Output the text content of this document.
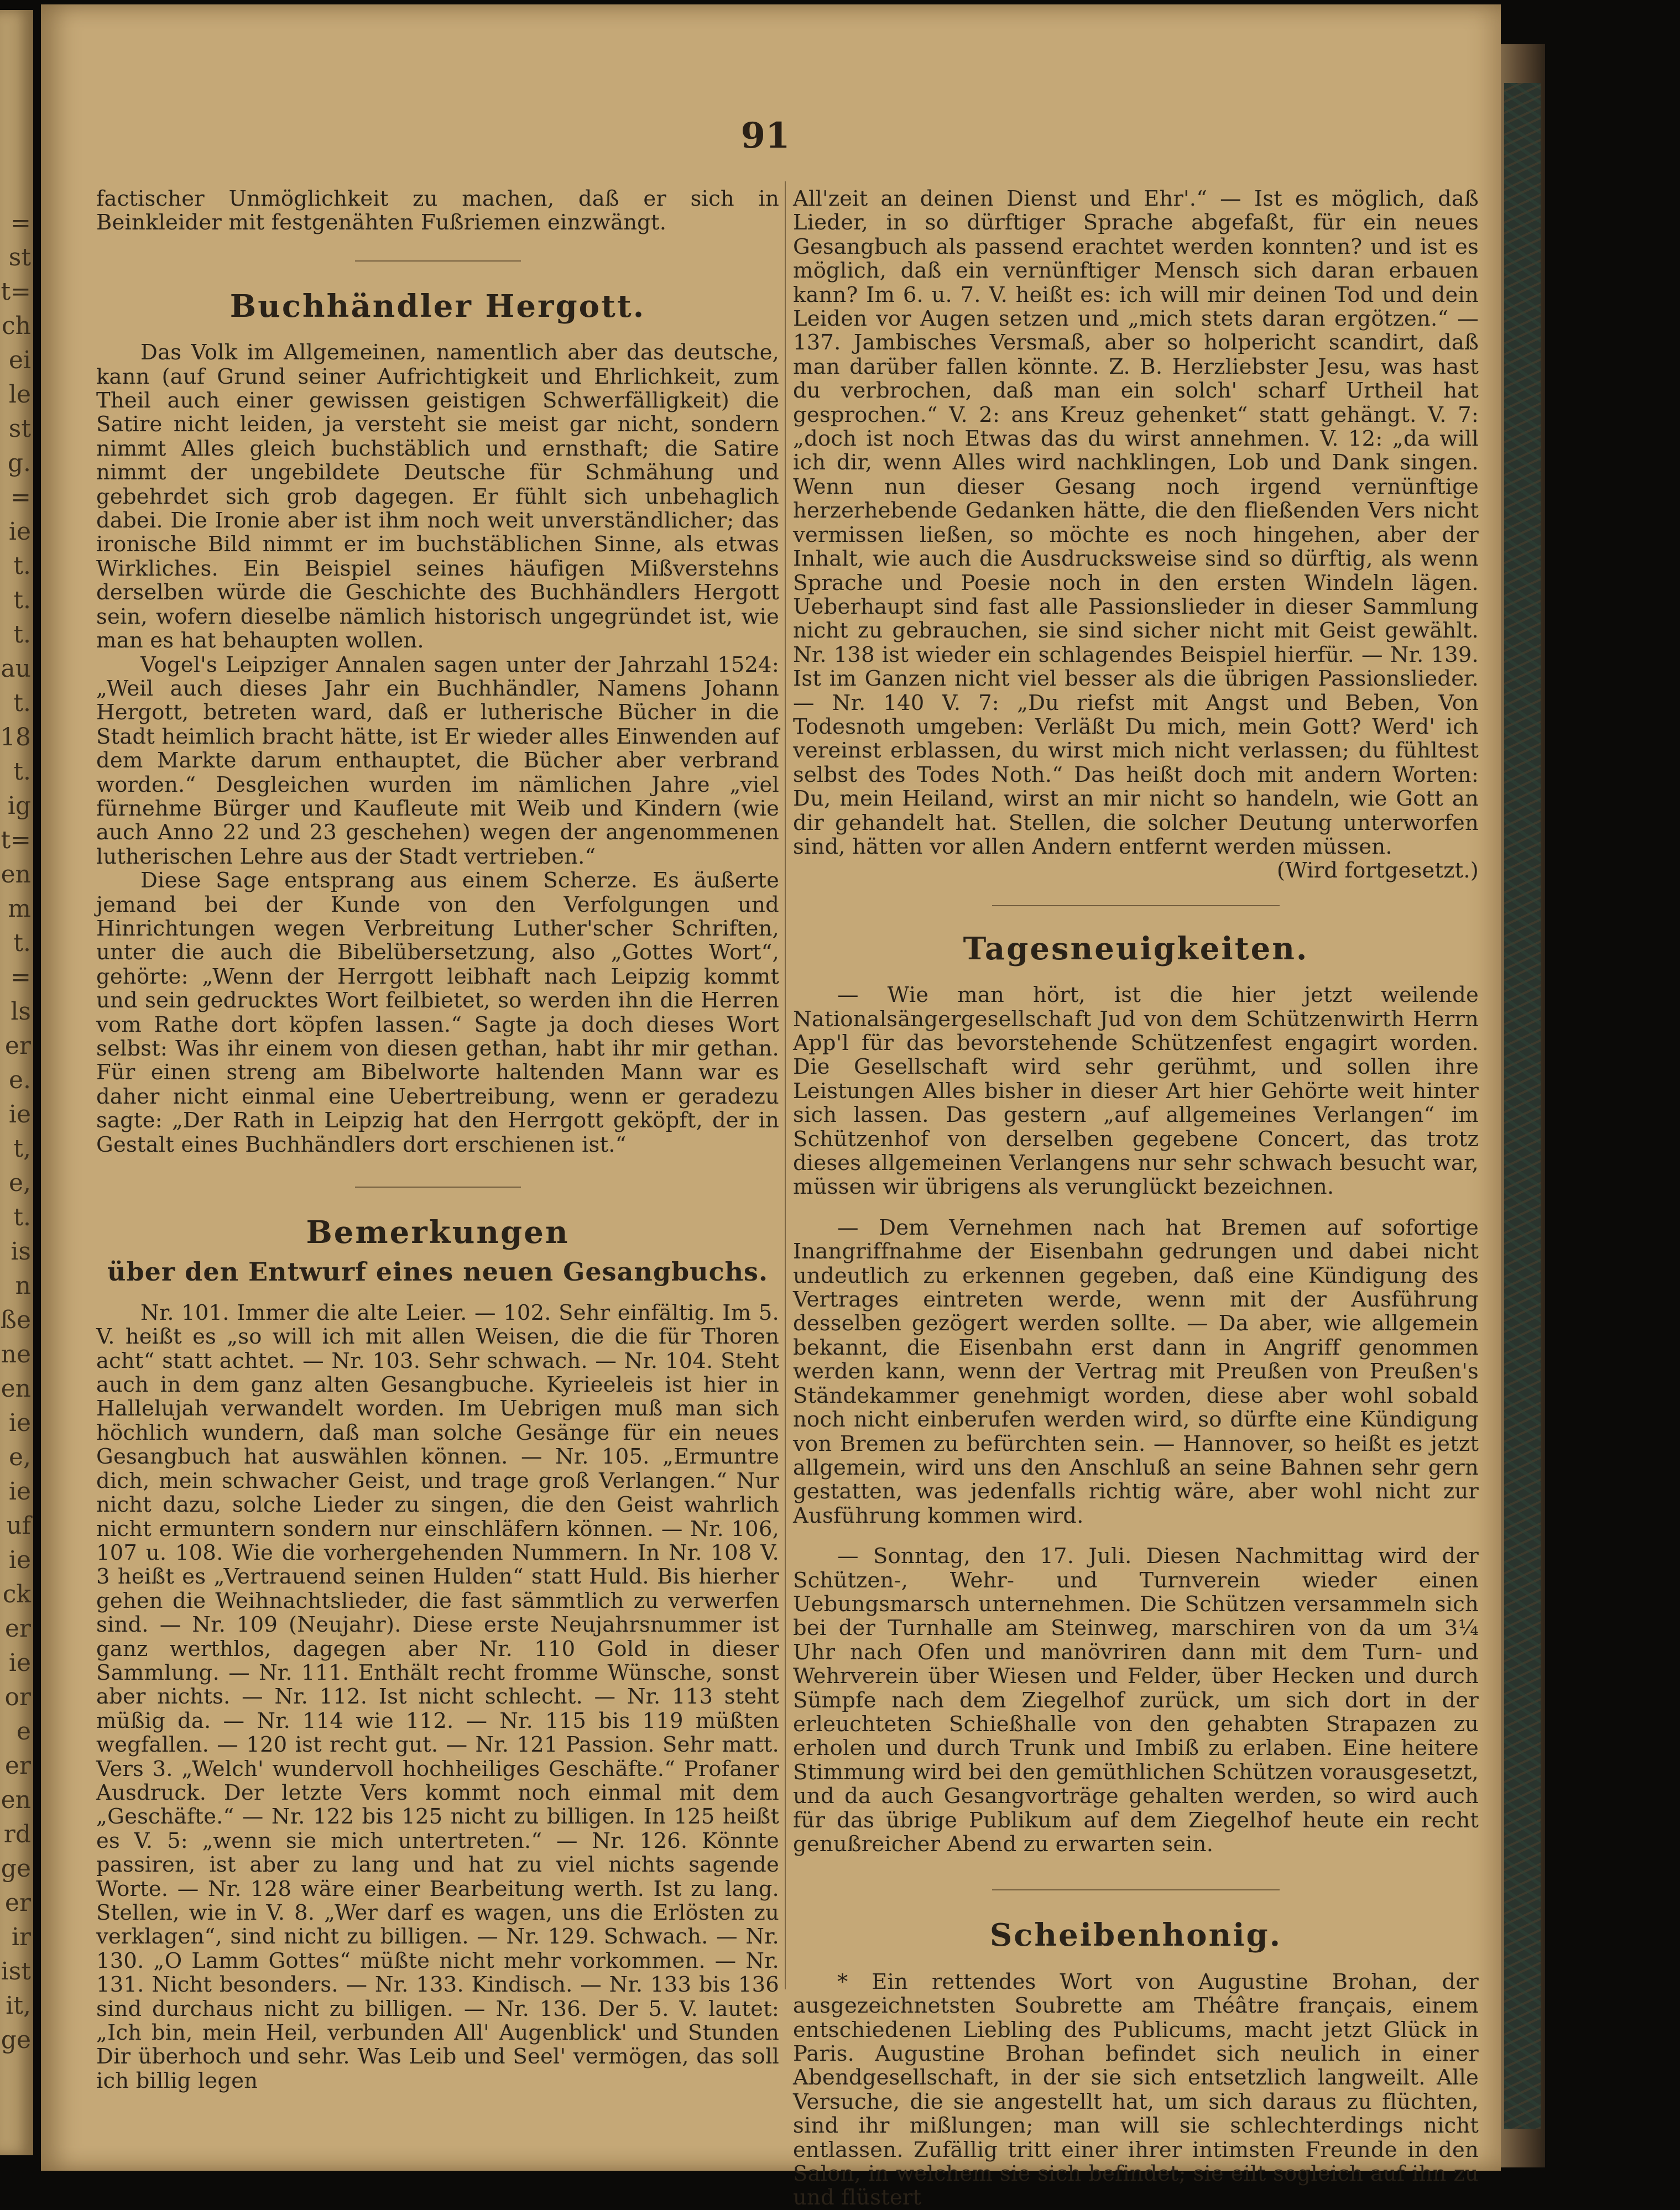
=
st
t=
ch
ei
le
st
g.
=
ie
t.
t.
t.
au
t.
18
t.
ig
t=
en
m
t.
=
ls
er
e.
ie
t,
e,
t.
is
n
ße
ne
en
ie
e,
ie
uf
ie
ck
er
ie
or
e
er
en
rd
ge
er
ir
ist
it,
ge
91

factischer Unmöglichkeit zu machen, daß er sich in Beinkleider mit festgenähten Fußriemen einzwängt.

Buchhändler Hergott.

Das Volk im Allgemeinen, namentlich aber das deutsche, kann (auf Grund seiner Aufrichtigkeit und Ehrlichkeit, zum Theil auch einer gewissen geistigen Schwerfälligkeit) die Satire nicht leiden, ja versteht sie meist gar nicht, sondern nimmt Alles gleich buchstäblich und ernsthaft; die Satire nimmt der ungebildete Deutsche für Schmähung und gebehrdet sich grob dagegen. Er fühlt sich unbehaglich dabei. Die Ironie aber ist ihm noch weit unverständlicher; das ironische Bild nimmt er im buchstäblichen Sinne, als etwas Wirkliches. Ein Beispiel seines häufigen Mißverstehns derselben würde die Geschichte des Buchhändlers Hergott sein, wofern dieselbe nämlich historisch ungegründet ist, wie man es hat behaupten wollen.

Vogel's Leipziger Annalen sagen unter der Jahrzahl 1524: „Weil auch dieses Jahr ein Buchhändler, Namens Johann Hergott, betreten ward, daß er lutherische Bücher in die Stadt heimlich bracht hätte, ist Er wieder alles Einwenden auf dem Markte darum enthauptet, die Bücher aber verbrand worden.“ Desgleichen wurden im nämlichen Jahre „viel fürnehme Bürger und Kaufleute mit Weib und Kindern (wie auch Anno 22 und 23 geschehen) wegen der angenommenen lutherischen Lehre aus der Stadt vertrieben.“

Diese Sage entsprang aus einem Scherze. Es äußerte jemand bei der Kunde von den Verfolgungen und Hinrichtungen wegen Verbreitung Luther'scher Schriften, unter die auch die Bibelübersetzung, also „Gottes Wort“, gehörte: „Wenn der Herrgott leibhaft nach Leipzig kommt und sein gedrucktes Wort feilbietet, so werden ihn die Herren vom Rathe dort köpfen lassen.“ Sagte ja doch dieses Wort selbst: Was ihr einem von diesen gethan, habt ihr mir gethan. Für einen streng am Bibelworte haltenden Mann war es daher nicht einmal eine Uebertreibung, wenn er geradezu sagte: „Der Rath in Leipzig hat den Herrgott geköpft, der in Gestalt eines Buchhändlers dort erschienen ist.“

Bemerkungen

über den Entwurf eines neuen Gesangbuchs.

Nr. 101. Immer die alte Leier. — 102. Sehr einfältig. Im 5. V. heißt es „so will ich mit allen Weisen, die die für Thoren acht“ statt achtet. — Nr. 103. Sehr schwach. — Nr. 104. Steht auch in dem ganz alten Gesangbuche. Kyrieeleis ist hier in Hallelujah verwandelt worden. Im Uebrigen muß man sich höchlich wundern, daß man solche Gesänge für ein neues Gesangbuch hat auswählen können. — Nr. 105. „Ermuntre dich, mein schwacher Geist, und trage groß Verlangen.“ Nur nicht dazu, solche Lieder zu singen, die den Geist wahrlich nicht ermuntern sondern nur einschläfern können. — Nr. 106, 107 u. 108. Wie die vorhergehenden Nummern. In Nr. 108 V. 3 heißt es „Vertrauend seinen Hulden“ statt Huld. Bis hierher gehen die Weihnachtslieder, die fast sämmtlich zu verwerfen sind. — Nr. 109 (Neujahr). Diese erste Neujahrsnummer ist ganz werthlos, dagegen aber Nr. 110 Gold in dieser Sammlung. — Nr. 111. Enthält recht fromme Wünsche, sonst aber nichts. — Nr. 112. Ist nicht schlecht. — Nr. 113 steht müßig da. — Nr. 114 wie 112. — Nr. 115 bis 119 müßten wegfallen. — 120 ist recht gut. — Nr. 121 Passion. Sehr matt. Vers 3. „Welch' wundervoll hochheiliges Geschäfte.“ Profaner Ausdruck. Der letzte Vers kommt noch einmal mit dem „Geschäfte.“ — Nr. 122 bis 125 nicht zu billigen. In 125 heißt es V. 5: „wenn sie mich untertreten.“ — Nr. 126. Könnte passiren, ist aber zu lang und hat zu viel nichts sagende Worte. — Nr. 128 wäre einer Bearbeitung werth. Ist zu lang. Stellen, wie in V. 8. „Wer darf es wagen, uns die Erlösten zu verklagen“, sind nicht zu billigen. — Nr. 129. Schwach. — Nr. 130. „O Lamm Gottes“ müßte nicht mehr vorkommen. — Nr. 131. Nicht besonders. — Nr. 133. Kindisch. — Nr. 133 bis 136 sind durchaus nicht zu billigen. — Nr. 136. Der 5. V. lautet: „Ich bin, mein Heil, verbunden All' Augenblick' und Stunden Dir überhoch und sehr. Was Leib und Seel' vermögen, das soll ich billig legen

All'zeit an deinen Dienst und Ehr'.“ — Ist es möglich, daß Lieder, in so dürftiger Sprache abgefaßt, für ein neues Gesangbuch als passend erachtet werden konnten? und ist es möglich, daß ein vernünftiger Mensch sich daran erbauen kann? Im 6. u. 7. V. heißt es: ich will mir deinen Tod und dein Leiden vor Augen setzen und „mich stets daran ergötzen.“ — 137. Jambisches Versmaß, aber so holpericht scandirt, daß man darüber fallen könnte. Z. B. Herzliebster Jesu, was hast du verbrochen, daß man ein solch' scharf Urtheil hat gesprochen.“ V. 2: ans Kreuz gehenket“ statt gehängt. V. 7: „doch ist noch Etwas das du wirst annehmen. V. 12: „da will ich dir, wenn Alles wird nachklingen, Lob und Dank singen. Wenn nun dieser Gesang noch irgend vernünftige herzerhebende Gedanken hätte, die den fließenden Vers nicht vermissen ließen, so möchte es noch hingehen, aber der Inhalt, wie auch die Ausdrucksweise sind so dürftig, als wenn Sprache und Poesie noch in den ersten Windeln lägen. Ueberhaupt sind fast alle Passionslieder in dieser Sammlung nicht zu gebrauchen, sie sind sicher nicht mit Geist gewählt. Nr. 138 ist wieder ein schlagendes Beispiel hierfür. — Nr. 139. Ist im Ganzen nicht viel besser als die übrigen Passionslieder. — Nr. 140 V. 7: „Du riefst mit Angst und Beben, Von Todesnoth umgeben: Verläßt Du mich, mein Gott? Werd' ich vereinst erblassen, du wirst mich nicht verlassen; du fühltest selbst des Todes Noth.“ Das heißt doch mit andern Worten: Du, mein Heiland, wirst an mir nicht so handeln, wie Gott an dir gehandelt hat. Stellen, die solcher Deutung unterworfen sind, hätten vor allen Andern entfernt werden müssen.

(Wird fortgesetzt.)

Tagesneuigkeiten.

— Wie man hört, ist die hier jetzt weilende Nationalsängergesellschaft Jud von dem Schützenwirth Herrn App'l für das bevorstehende Schützenfest engagirt worden. Die Gesellschaft wird sehr gerühmt, und sollen ihre Leistungen Alles bisher in dieser Art hier Gehörte weit hinter sich lassen. Das gestern „auf allgemeines Verlangen“ im Schützenhof von derselben gegebene Concert, das trotz dieses allgemeinen Verlangens nur sehr schwach besucht war, müssen wir übrigens als verunglückt bezeichnen.

— Dem Vernehmen nach hat Bremen auf sofortige Inangriffnahme der Eisenbahn gedrungen und dabei nicht undeutlich zu erkennen gegeben, daß eine Kündigung des Vertrages eintreten werde, wenn mit der Ausführung desselben gezögert werden sollte. — Da aber, wie allgemein bekannt, die Eisenbahn erst dann in Angriff genommen werden kann, wenn der Vertrag mit Preußen von Preußen's Ständekammer genehmigt worden, diese aber wohl sobald noch nicht einberufen werden wird, so dürfte eine Kündigung von Bremen zu befürchten sein. — Hannover, so heißt es jetzt allgemein, wird uns den Anschluß an seine Bahnen sehr gern gestatten, was jedenfalls richtig wäre, aber wohl nicht zur Ausführung kommen wird.

— Sonntag, den 17. Juli. Diesen Nachmittag wird der Schützen-, Wehr- und Turnverein wieder einen Uebungsmarsch unternehmen. Die Schützen versammeln sich bei der Turnhalle am Steinweg, marschiren von da um 3¼ Uhr nach Ofen und manövriren dann mit dem Turn- und Wehrverein über Wiesen und Felder, über Hecken und durch Sümpfe nach dem Ziegelhof zurück, um sich dort in der erleuchteten Schießhalle von den gehabten Strapazen zu erholen und durch Trunk und Imbiß zu erlaben. Eine heitere Stimmung wird bei den gemüthlichen Schützen vorausgesetzt, und da auch Gesangvorträge gehalten werden, so wird auch für das übrige Publikum auf dem Ziegelhof heute ein recht genußreicher Abend zu erwarten sein.

Scheibenhonig.

* Ein rettendes Wort von Augustine Brohan, der ausgezeichnetsten Soubrette am Théâtre français, einem entschiedenen Liebling des Publicums, macht jetzt Glück in Paris. Augustine Brohan befindet sich neulich in einer Abendgesellschaft, in der sie sich entsetzlich langweilt. Alle Versuche, die sie angestellt hat, um sich daraus zu flüchten, sind ihr mißlungen; man will sie schlechterdings nicht entlassen. Zufällig tritt einer ihrer intimsten Freunde in den Salon, in welchem sie sich befindet; sie eilt sogleich auf ihn zu und flüstert
